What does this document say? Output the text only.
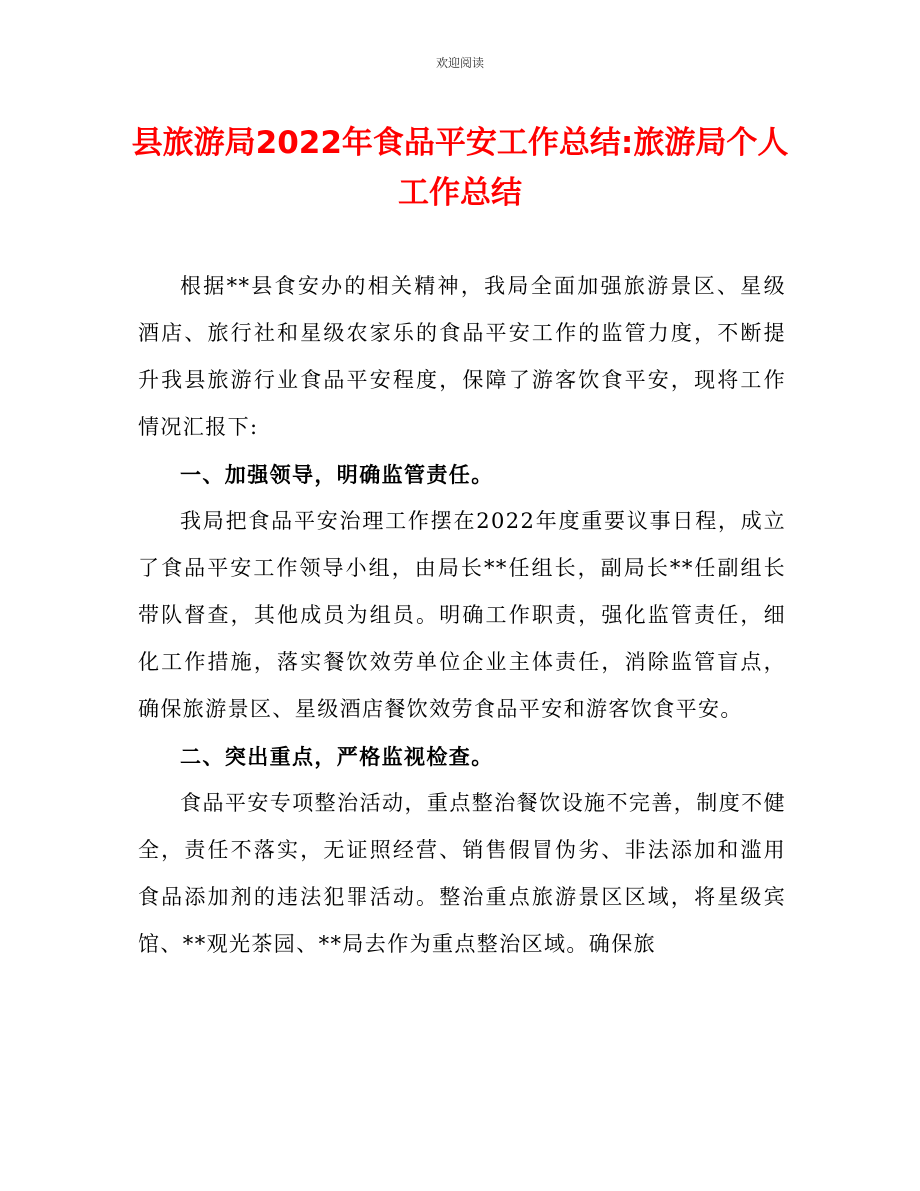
欢迎阅读
县旅游局2022年食品平安工作总结:旅游局个人工作总结

根据**县食安办的相关精神，我局全面加强旅游景区、星级酒店、旅行社和星级农家乐的食品平安工作的监管力度，不断提升我县旅游行业食品平安程度，保障了游客饮食平安，现将工作情况汇报下:

一、加强领导，明确监管责任。

我局把食品平安治理工作摆在2022年度重要议事日程，成立了食品平安工作领导小组，由局长**任组长，副局长**任副组长带队督查，其他成员为组员。明确工作职责，强化监管责任，细化工作措施，落实餐饮效劳单位企业主体责任，消除监管盲点，确保旅游景区、星级酒店餐饮效劳食品平安和游客饮食平安。

二、突出重点，严格监视检查。

食品平安专项整治活动，重点整治餐饮设施不完善，制度不健全，责任不落实，无证照经营、销售假冒伪劣、非法添加和滥用食品添加剂的违法犯罪活动。整治重点旅游景区区域，将星级宾馆、**观光茶园、**局去作为重点整治区域。确保旅
